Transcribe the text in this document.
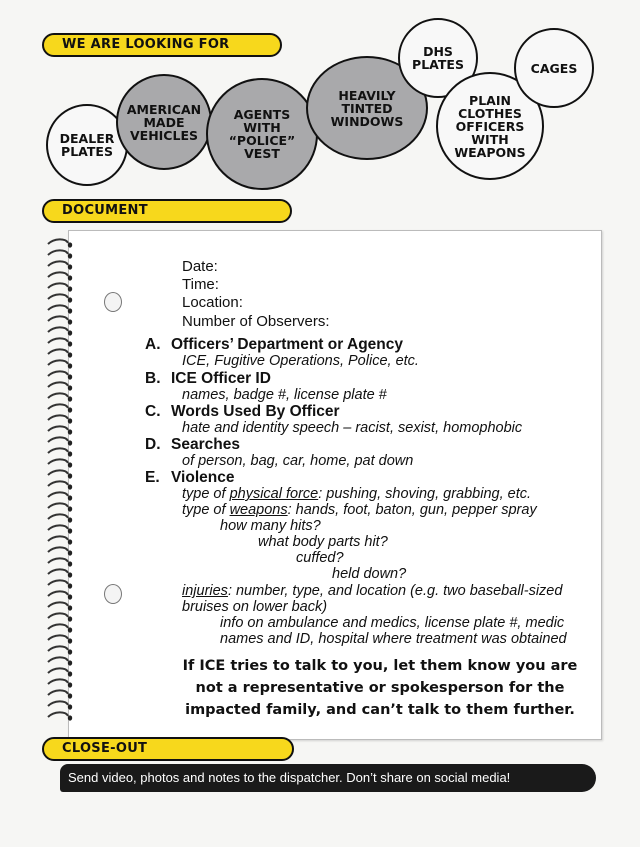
WE ARE LOOKING FOR
DEALER
PLATES
AMERICAN
MADE
VEHICLES
AGENTS
WITH
“POLICE”
VEST
HEAVILY
TINTED
WINDOWS
DHS
PLATES
PLAIN
CLOTHES
OFFICERS
WITH
WEAPONS
CAGES
DOCUMENT
Date:
Time:
Location:
Number of Observers:
A. Officers’ Department or Agency
ICE, Fugitive Operations, Police, etc.
B. ICE Officer ID
names, badge #, license plate #
C. Words Used By Officer
hate and identity speech – racist, sexist, homophobic
D. Searches
of person, bag, car, home, pat down
E. Violence
type of physical force: pushing, shoving, grabbing, etc.
type of weapons: hands, foot, baton, gun, pepper spray
how many hits?
what body parts hit?
cuffed?
held down?
injuries: number, type, and location (e.g. two baseball-sized
bruises on lower back)
info on ambulance and medics, license plate #, medic
names and ID, hospital where treatment was obtained
If ICE tries to talk to you, let them know you are
not a representative or spokesperson for the
impacted family, and can’t talk to them further.
CLOSE-OUT
Send video, photos and notes to the dispatcher. Don’t share on social media!
